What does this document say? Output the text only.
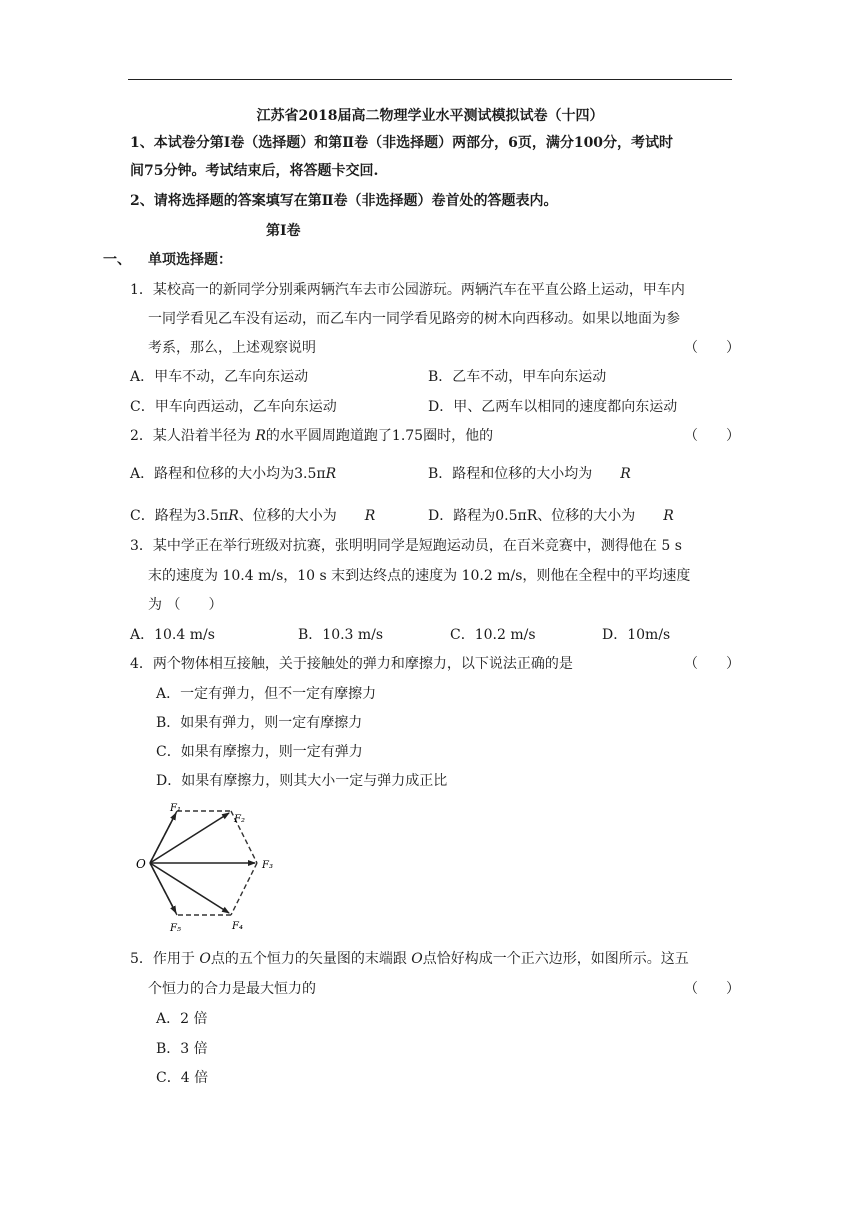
江苏省2018届高二物理学业水平测试模拟试卷（十四）
1、本试卷分第Ⅰ卷（选择题）和第Ⅱ卷（非选择题）两部分，6页，满分100分，考试时
间75分钟。考试结束后，将答题卡交回.
2、请将选择题的答案填写在第Ⅱ卷（非选择题）卷首处的答题表内。
第Ⅰ卷
一、 单项选择题：
1．某校高一的新同学分别乘两辆汽车去市公园游玩。两辆汽车在平直公路上运动，甲车内
一同学看见乙车没有运动，而乙车内一同学看见路旁的树木向西移动。如果以地面为参
考系，那么，上述观察说明	（　　）
A．甲车不动，乙车向东运动	B．乙车不动，甲车向东运动
C．甲车向西运动，乙车向东运动	D．甲、乙两车以相同的速度都向东运动
2．某人沿着半径为 R的水平圆周跑道跑了1.75圈时，他的	（　　）
A．路程和位移的大小均为3.5πR	B．路程和位移的大小均为　　R
C．路程为3.5πR、位移的大小为　　R	D．路程为0.5πR、位移的大小为　　R
3．某中学正在举行班级对抗赛，张明明同学是短跑运动员，在百米竞赛中，测得他在 5 s
末的速度为 10.4 m/s，10 s 末到达终点的速度为 10.2 m/s，则他在全程中的平均速度
为 （　　）
A．10.4 m/s	B．10.3 m/s	C．10.2 m/s	D．10m/s
4．两个物体相互接触，关于接触处的弹力和摩擦力，以下说法正确的是	（　　）
A．一定有弹力，但不一定有摩擦力
B．如果有弹力，则一定有摩擦力
C．如果有摩擦力，则一定有弹力
D．如果有摩擦力，则其大小一定与弹力成正比
O
F₁
F₂
F₃
F₄
F₅
5．作用于 O点的五个恒力的矢量图的末端跟 O点恰好构成一个正六边形，如图所示。这五
个恒力的合力是最大恒力的	（　　）
A．2 倍
B．3 倍
C．4 倍
